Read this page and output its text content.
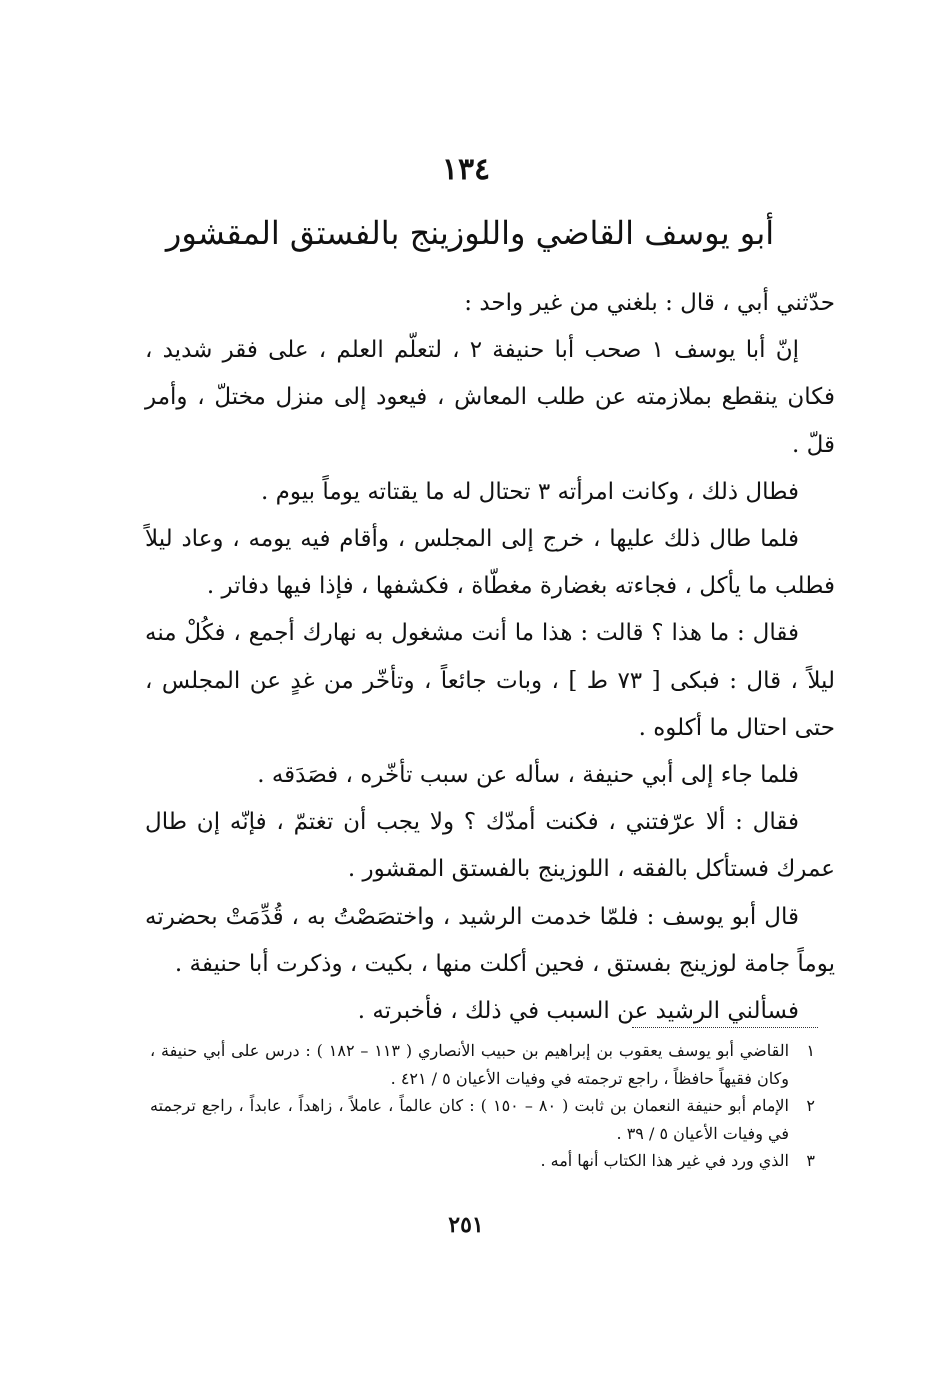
١٣٤
أبو يوسف القاضي واللوزينج بالفستق المقشور

حدّثني أبي ، قال : بلغني من غير واحد :

إنّ أبا يوسف ١ صحب أبا حنيفة ٢ ، لتعلّم العلم ، على فقر شديد ، فكان ينقطع بملازمته عن طلب المعاش ، فيعود إلى منزل مختلّ ، وأمر قلّ .

فطال ذلك ، وكانت امرأته ٣ تحتال له ما يقتاته يوماً بيوم .

فلما طال ذلك عليها ، خرج إلى المجلس ، وأقام فيه يومه ، وعاد ليلاً فطلب ما يأكل ، فجاءته بغضارة مغطّاة ، فكشفها ، فإذا فيها دفاتر .

فقال : ما هذا ؟ قالت : هذا ما أنت مشغول به نهارك أجمع ، فكُلْ منه ليلاً ، قال : فبكى [ ٧٣ ط ] ، وبات جائعاً ، وتأخّر من غدٍ عن المجلس ، حتى احتال ما أكلوه .

فلما جاء إلى أبي حنيفة ، سأله عن سبب تأخّره ، فصَدَقه .

فقال : ألا عرّفتني ، فكنت أمدّك ؟ ولا يجب أن تغتمّ ، فإنّه إن طال عمرك فستأكل بالفقه ، اللوزينج بالفستق المقشور .

قال أبو يوسف : فلمّا خدمت الرشيد ، واختصَصْتُ به ، قُدِّمَتْ بحضرته يوماً جامة لوزينج بفستق ، فحين أكلت منها ، بكيت ، وذكرت أبا حنيفة .

فسألني الرشيد عن السبب في ذلك ، فأخبرته .

١
القاضي أبو يوسف يعقوب بن إبراهيم بن حبيب الأنصاري ( ١١٣ – ١٨٢ ) : درس على أبي حنيفة ، وكان فقيهاً حافظاً ، راجع ترجمته في وفيات الأعيان ٥ / ٤٢١ .
٢
الإمام أبو حنيفة النعمان بن ثابت ( ٨٠ – ١٥٠ ) : كان عالماً ، عاملاً ، زاهداً ، عابداً ، راجع ترجمته في وفيات الأعيان ٥ / ٣٩ .
٣
الذي ورد في غير هذا الكتاب أنها أمه .
٢٥١
